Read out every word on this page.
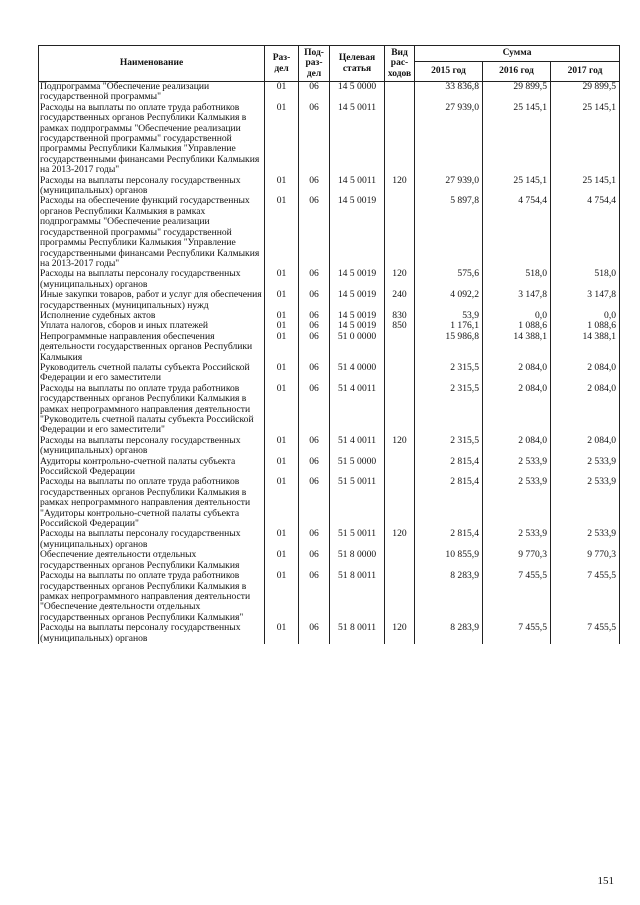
Наименование	Раз-дел	Под-раз-дел	Целевая статья	Вид рас-ходов	Сумма		
					2015 год	2016 год	2017 год
Подпрограмма "Обеспечение реализации государственной программы"	01	06	14 5 0000		33 836,8	29 899,5	29 899,5
Расходы на выплаты по оплате труда работников государственных органов Республики Калмыкия в рамках подпрограммы "Обеспечение реализации государственной программы" государственной программы Республики Калмыкия "Управление государственными финансами Республики Калмыкия на 2013-2017 годы"	01	06	14 5 0011		27 939,0	25 145,1	25 145,1
Расходы на выплаты персоналу государственных (муниципальных) органов	01	06	14 5 0011	120	27 939,0	25 145,1	25 145,1
Расходы на обеспечение функций государственных органов Республики Калмыкия в рамках подпрограммы "Обеспечение реализации государственной программы" государственной программы Республики Калмыкия "Управление государственными финансами Республики Калмыкия на 2013-2017 годы"	01	06	14 5 0019		5 897,8	4 754,4	4 754,4
Расходы на выплаты персоналу государственных (муниципальных) органов	01	06	14 5 0019	120	575,6	518,0	518,0
Иные закупки товаров, работ и услуг для обеспечения государственных (муниципальных) нужд	01	06	14 5 0019	240	4 092,2	3 147,8	3 147,8
Исполнение судебных актов	01	06	14 5 0019	830	53,9	0,0	0,0
Уплата налогов, сборов и иных платежей	01	06	14 5 0019	850	1 176,1	1 088,6	1 088,6
Непрограммные направления обеспечения деятельности государственных органов Республики Калмыкия	01	06	51 0 0000		15 986,8	14 388,1	14 388,1
Руководитель счетной палаты субъекта Российской Федерации и его заместители	01	06	51 4 0000		2 315,5	2 084,0	2 084,0
Расходы на выплаты по оплате труда работников государственных органов Республики Калмыкия в рамках непрограммного направления деятельности "Руководитель счетной палаты субъекта Российской Федерации и его заместители"	01	06	51 4 0011		2 315,5	2 084,0	2 084,0
Расходы на выплаты персоналу государственных (муниципальных) органов	01	06	51 4 0011	120	2 315,5	2 084,0	2 084,0
Аудиторы контрольно-счетной палаты субъекта Российской Федерации	01	06	51 5 0000		2 815,4	2 533,9	2 533,9
Расходы на выплаты по оплате труда работников государственных органов Республики Калмыкия в рамках непрограммного направления деятельности "Аудиторы контрольно-счетной палаты субъекта Российской Федерации"	01	06	51 5 0011		2 815,4	2 533,9	2 533,9
Расходы на выплаты персоналу государственных (муниципальных) органов	01	06	51 5 0011	120	2 815,4	2 533,9	2 533,9
Обеспечение деятельности отдельных государственных органов Республики Калмыкия	01	06	51 8 0000		10 855,9	9 770,3	9 770,3
Расходы на выплаты по оплате труда работников государственных органов Республики Калмыкия в рамках непрограммного направления деятельности "Обеспечение деятельности отдельных государственных органов Республики Калмыкия"	01	06	51 8 0011		8 283,9	7 455,5	7 455,5
Расходы на выплаты персоналу государственных (муниципальных) органов	01	06	51 8 0011	120	8 283,9	7 455,5	7 455,5
151
